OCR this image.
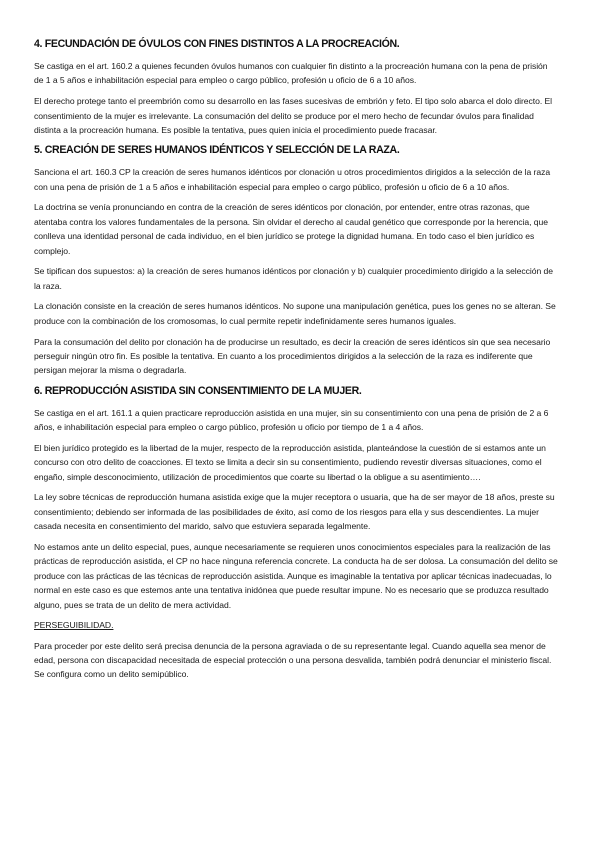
4. FECUNDACIÓN DE ÓVULOS CON FINES DISTINTOS A LA PROCREACIÓN.

Se castiga en el art. 160.2 a quienes fecunden óvulos humanos con cualquier fin distinto a la procreación humana con la pena de prisión de 1 a 5 años e inhabilitación especial para empleo o cargo público, profesión u oficio de 6 a 10 años.

El derecho protege tanto el preembrión como su desarrollo en las fases sucesivas de embrión y feto. El tipo solo abarca el dolo directo. El consentimiento de la mujer es irrelevante. La consumación del delito se produce por el mero hecho de fecundar óvulos para finalidad distinta a la procreación humana. Es posible la tentativa, pues quien inicia el procedimiento puede fracasar.

5. CREACIÓN DE SERES HUMANOS IDÉNTICOS Y SELECCIÓN DE LA RAZA.

Sanciona el art. 160.3 CP la creación de seres humanos idénticos por clonación u otros procedimientos dirigidos a la selección de la raza con una pena de prisión de 1 a 5 años e inhabilitación especial para empleo o cargo público, profesión u oficio de 6 a 10 años.

La doctrina se venía pronunciando en contra de la creación de seres idénticos por clonación, por entender, entre otras razonas, que atentaba contra los valores fundamentales de la persona. Sin olvidar el derecho al caudal genético que corresponde por la herencia, que conlleva una identidad personal de cada individuo, en el bien jurídico se protege la dignidad humana. En todo caso el bien jurídico es complejo.

Se tipifican dos supuestos: a) la creación de seres humanos idénticos por clonación y b) cualquier procedimiento dirigido a la selección de la raza.

La clonación consiste en la creación de seres humanos idénticos. No supone una manipulación genética, pues los genes no se alteran. Se produce con la combinación de los cromosomas, lo cual permite repetir indefinidamente seres humanos iguales.

Para la consumación del delito por clonación ha de producirse un resultado, es decir la creación de seres idénticos sin que sea necesario perseguir ningún otro fin. Es posible la tentativa. En cuanto a los procedimientos dirigidos a la selección de la raza es indiferente que persigan mejorar la misma o degradarla.

6. REPRODUCCIÓN ASISTIDA SIN CONSENTIMIENTO DE LA MUJER.

Se castiga en el art. 161.1 a quien practicare reproducción asistida en una mujer, sin su consentimiento con una pena de prisión de 2 a 6 años, e inhabilitación especial para empleo o cargo público, profesión u oficio por tiempo de 1 a 4 años.

El bien jurídico protegido es la libertad de la mujer, respecto de la reproducción asistida, planteándose la cuestión de si estamos ante un concurso con otro delito de coacciones. El texto se limita a decir sin su consentimiento, pudiendo revestir diversas situaciones, como el engaño, simple desconocimiento, utilización de procedimientos que coarte su libertad o la obligue a su asentimiento….

La ley sobre técnicas de reproducción humana asistida exige que la mujer receptora o usuaria, que ha de ser mayor de 18 años, preste su consentimiento; debiendo ser informada de las posibilidades de éxito, así como de los riesgos para ella y sus descendientes. La mujer casada necesita en consentimiento del marido, salvo que estuviera separada legalmente.

No estamos ante un delito especial, pues, aunque necesariamente se requieren unos conocimientos especiales para la realización de las prácticas de reproducción asistida, el CP no hace ninguna referencia concrete. La conducta ha de ser dolosa. La consumación del delito se produce con las prácticas de las técnicas de reproducción asistida. Aunque es imaginable la tentativa por aplicar técnicas inadecuadas, lo normal en este caso es que estemos ante una tentativa inidónea que puede resultar impune. No es necesario que se produzca resultado alguno, pues se trata de un delito de mera actividad.

PERSEGUIBILIDAD.

Para proceder por este delito será precisa denuncia de la persona agraviada o de su representante legal. Cuando aquella sea menor de edad, persona con discapacidad necesitada de especial protección o una persona desvalida, también podrá denunciar el ministerio fiscal. Se configura como un delito semipúblico.
